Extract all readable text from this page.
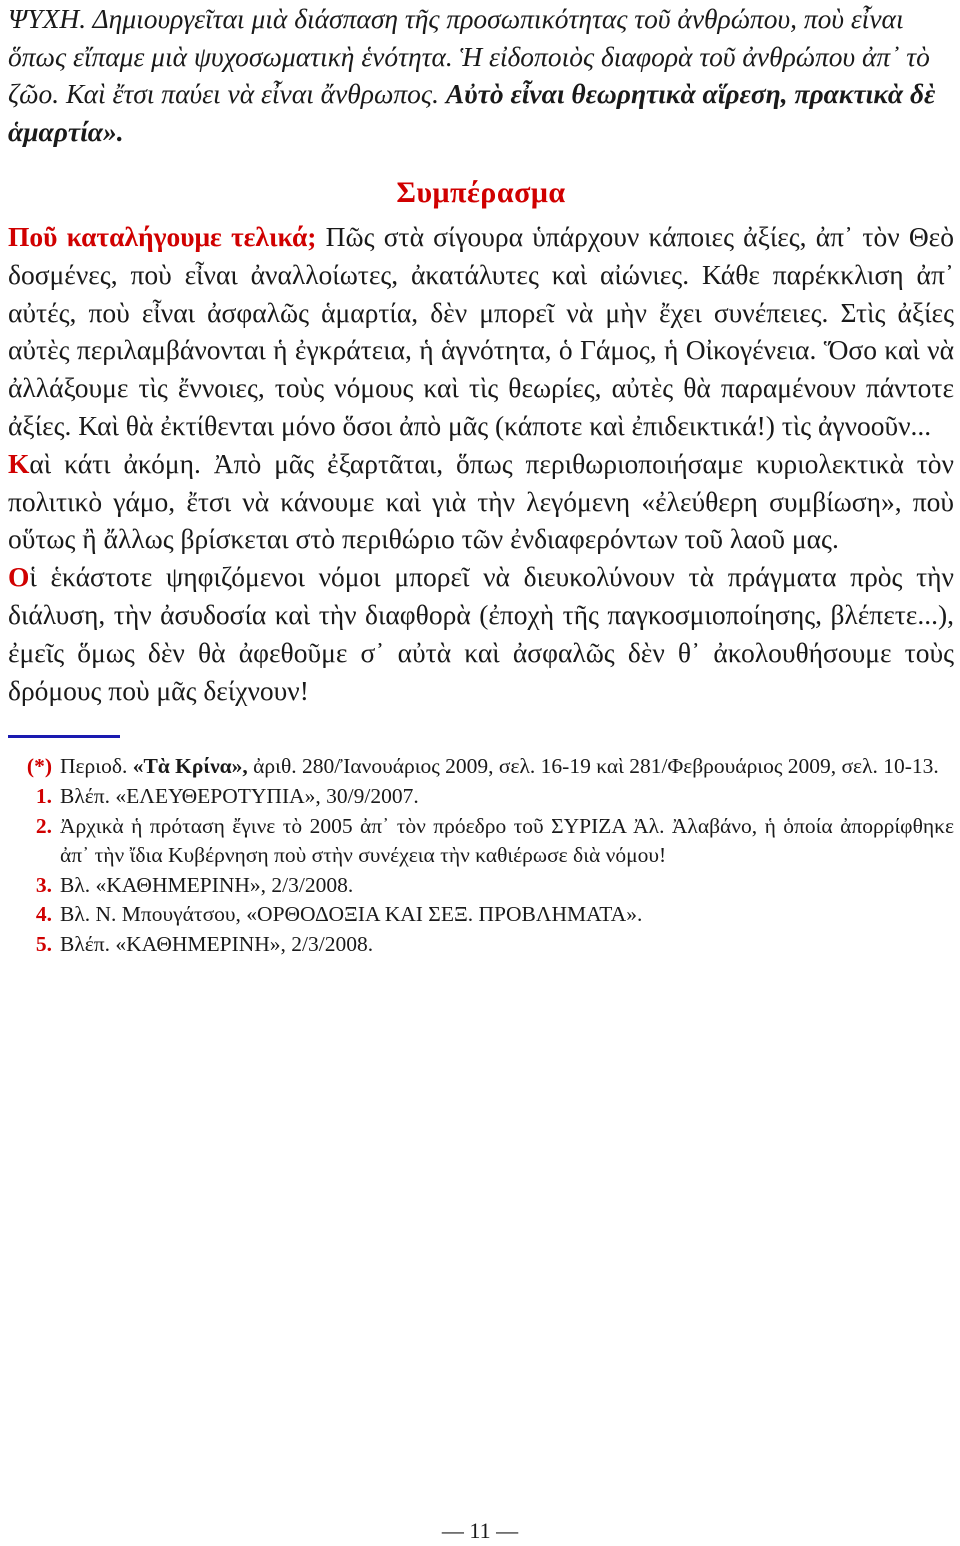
ΨΥΧΗ. Δημιουργεῖται μιὰ διάσπαση τῆς προσωπικότητας τοῦ ἀνθρώπου, ποὺ εἶναι ὅπως εἴπαμε μιὰ ψυχοσωματικὴ ἑνότητα. Ἡ εἰδοποιὸς διαφορὰ τοῦ ἀνθρώπου ἀπ᾽ τὸ ζῶο. Καὶ ἔτσι παύει νὰ εἶναι ἄνθρωπος. Αὐτὸ εἶναι θεωρητικὰ αἵρεση, πρακτικὰ δὲ ἁμαρτία».

Συμπέρασμα

Ποῦ καταλήγουμε τελικά; Πῶς στὰ σίγουρα ὑπάρχουν κάποιες ἀξίες, ἀπ᾽ τὸν Θεὸ δοσμένες, ποὺ εἶναι ἀναλλοίωτες, ἀκατάλυτες καὶ αἰώνιες. Κάθε παρέκκλιση ἀπ᾽ αὐτές, ποὺ εἶναι ἀσφαλῶς ἁμαρτία, δὲν μπορεῖ νὰ μὴν ἔχει συνέπειες. Στὶς ἀξίες αὐτὲς περιλαμβάνονται ἡ ἐγκράτεια, ἡ ἁγνότητα, ὁ Γάμος, ἡ Οἰκογένεια. Ὅσο καὶ νὰ ἀλλάξουμε τὶς ἔννοιες, τοὺς νόμους καὶ τὶς θεωρίες, αὐτὲς θὰ παραμένουν πάντοτε ἀξίες. Καὶ θὰ ἐκτίθενται μόνο ὅσοι ἀπὸ μᾶς (κάποτε καὶ ἐπιδεικτικά!) τὶς ἀγνοοῦν...

Καὶ κάτι ἀκόμη. Ἀπὸ μᾶς ἐξαρτᾶται, ὅπως περιθωριοποιήσαμε κυριολεκτικὰ τὸν πολιτικὸ γάμο, ἔτσι νὰ κάνουμε καὶ γιὰ τὴν λεγόμενη «ἐλεύθερη συμβίωση», ποὺ οὕτως ἢ ἄλλως βρίσκεται στὸ περιθώριο τῶν ἐνδιαφερόντων τοῦ λαοῦ μας.

Οἱ ἑκάστοτε ψηφιζόμενοι νόμοι μπορεῖ νὰ διευκολύνουν τὰ πράγματα πρὸς τὴν διάλυση, τὴν ἀσυδοσία καὶ τὴν διαφθορὰ (ἐποχὴ τῆς παγκοσμιοποίησης, βλέπετε...), ἐμεῖς ὅμως δὲν θὰ ἀφεθοῦμε σ᾽ αὐτὰ καὶ ἀσφαλῶς δὲν θ᾽ ἀκολουθήσουμε τοὺς δρόμους ποὺ μᾶς δείχνουν!

(*) Περιοδ. «Τὰ Κρίνα», ἀριθ. 280/Ἰανουάριος 2009, σελ. 16-19 καὶ 281/Φεβρουάριος 2009, σελ. 10-13.
1. Βλέπ. «ΕΛΕΥΘΕΡΟΤΥΠΙΑ», 30/9/2007.
2. Ἀρχικὰ ἡ πρόταση ἔγινε τὸ 2005 ἀπ᾽ τὸν πρόεδρο τοῦ ΣΥΡΙΖΑ Ἀλ. Ἀλαβάνο, ἡ ὁποία ἀπορρίφθηκε ἀπ᾽ τὴν ἴδια Κυβέρνηση ποὺ στὴν συνέχεια τὴν καθιέρωσε διὰ νόμου!
3. Βλ. «ΚΑΘΗΜΕΡΙΝΗ», 2/3/2008.
4. Βλ. Ν. Μπουγάτσου, «ΟΡΘΟΔΟΞΙΑ ΚΑΙ ΣΕΞ. ΠΡΟΒΛΗΜΑΤΑ».
5. Βλέπ. «ΚΑΘΗΜΕΡΙΝΗ», 2/3/2008.
— 11 —
